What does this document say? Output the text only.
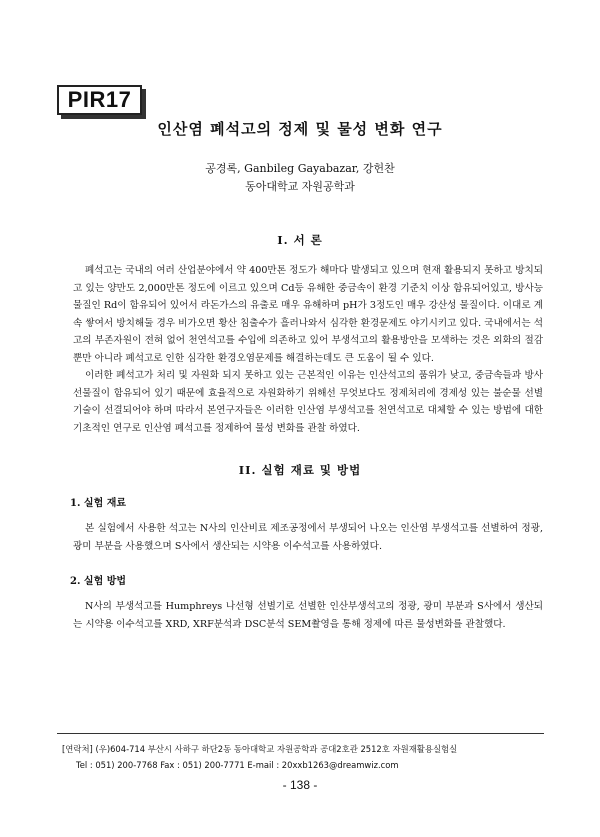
PIR17
인산염 폐석고의 정제 및 물성 변화 연구
공경록, Ganbileg Gayabazar, 강헌찬
동아대학교 자원공학과
I. 서 론

폐석고는 국내의 여러 산업분야에서 약 400만톤 정도가 해마다 발생되고 있으며 현재 활용되지 못하고 방치되고 있는 양만도 2,000만톤 정도에 이르고 있으며 Cd등 유해한 중금속이 환경 기준치 이상 함유되어있고, 방사능 물질인 Rd이 함유되어 있어서 라돈가스의 유출로 매우 유해하며 pH가 3정도인 매우 강산성 물질이다. 이대로 계속 쌓여서 방치해둘 경우 비가오면 황산 침출수가 흘러나와서 심각한 환경문제도 야기시키고 있다. 국내에서는 석고의 부존자원이 전혀 없어 천연석고를 수입에 의존하고 있어 부생석고의 활용방안을 모색하는 것은 외화의 절감뿐만 아니라 폐석고로 인한 심각한 환경오염문제를 해결하는데도 큰 도움이 될 수 있다.

이러한 폐석고가 처리 및 자원화 되지 못하고 있는 근본적인 이유는 인산석고의 품위가 낮고, 중금속들과 방사선물질이 함유되어 있기 때문에 효율적으로 자원화하기 위해선 무엇보다도 정제처리에 경제성 있는 불순물 선별 기술이 선결되어야 하며 따라서 본연구자들은 이러한 인산염 부생석고를 천연석고로 대체할 수 있는 방법에 대한 기초적인 연구로 인산염 폐석고를 정제하여 물성 변화를 관찰 하였다.

II. 실험 재료 및 방법
1. 실험 재료

본 실험에서 사용한 석고는 N사의 인산비료 제조공정에서 부생되어 나오는 인산염 부생석고를 선별하여 정광, 광미 부분을 사용했으며 S사에서 생산되는 시약용 이수석고를 사용하였다.

2. 실험 방법

N사의 부생석고를 Humphreys 나선형 선별기로 선별한 인산부생석고의 정광, 광미 부분과 S사에서 생산되는 시약용 이수석고를 XRD, XRF분석과 DSC분석 SEM촬영을 통해 정제에 따른 물성변화를 관찰했다.

[연락처] (우)604-714 부산시 사하구 하단2동 동아대학교 자원공학과 공대2호관 2512호 자원재활용실험실
Tel : 051) 200-7768 Fax : 051) 200-7771 E-mail : 20xxb1263@dreamwiz.com
- 138 -
